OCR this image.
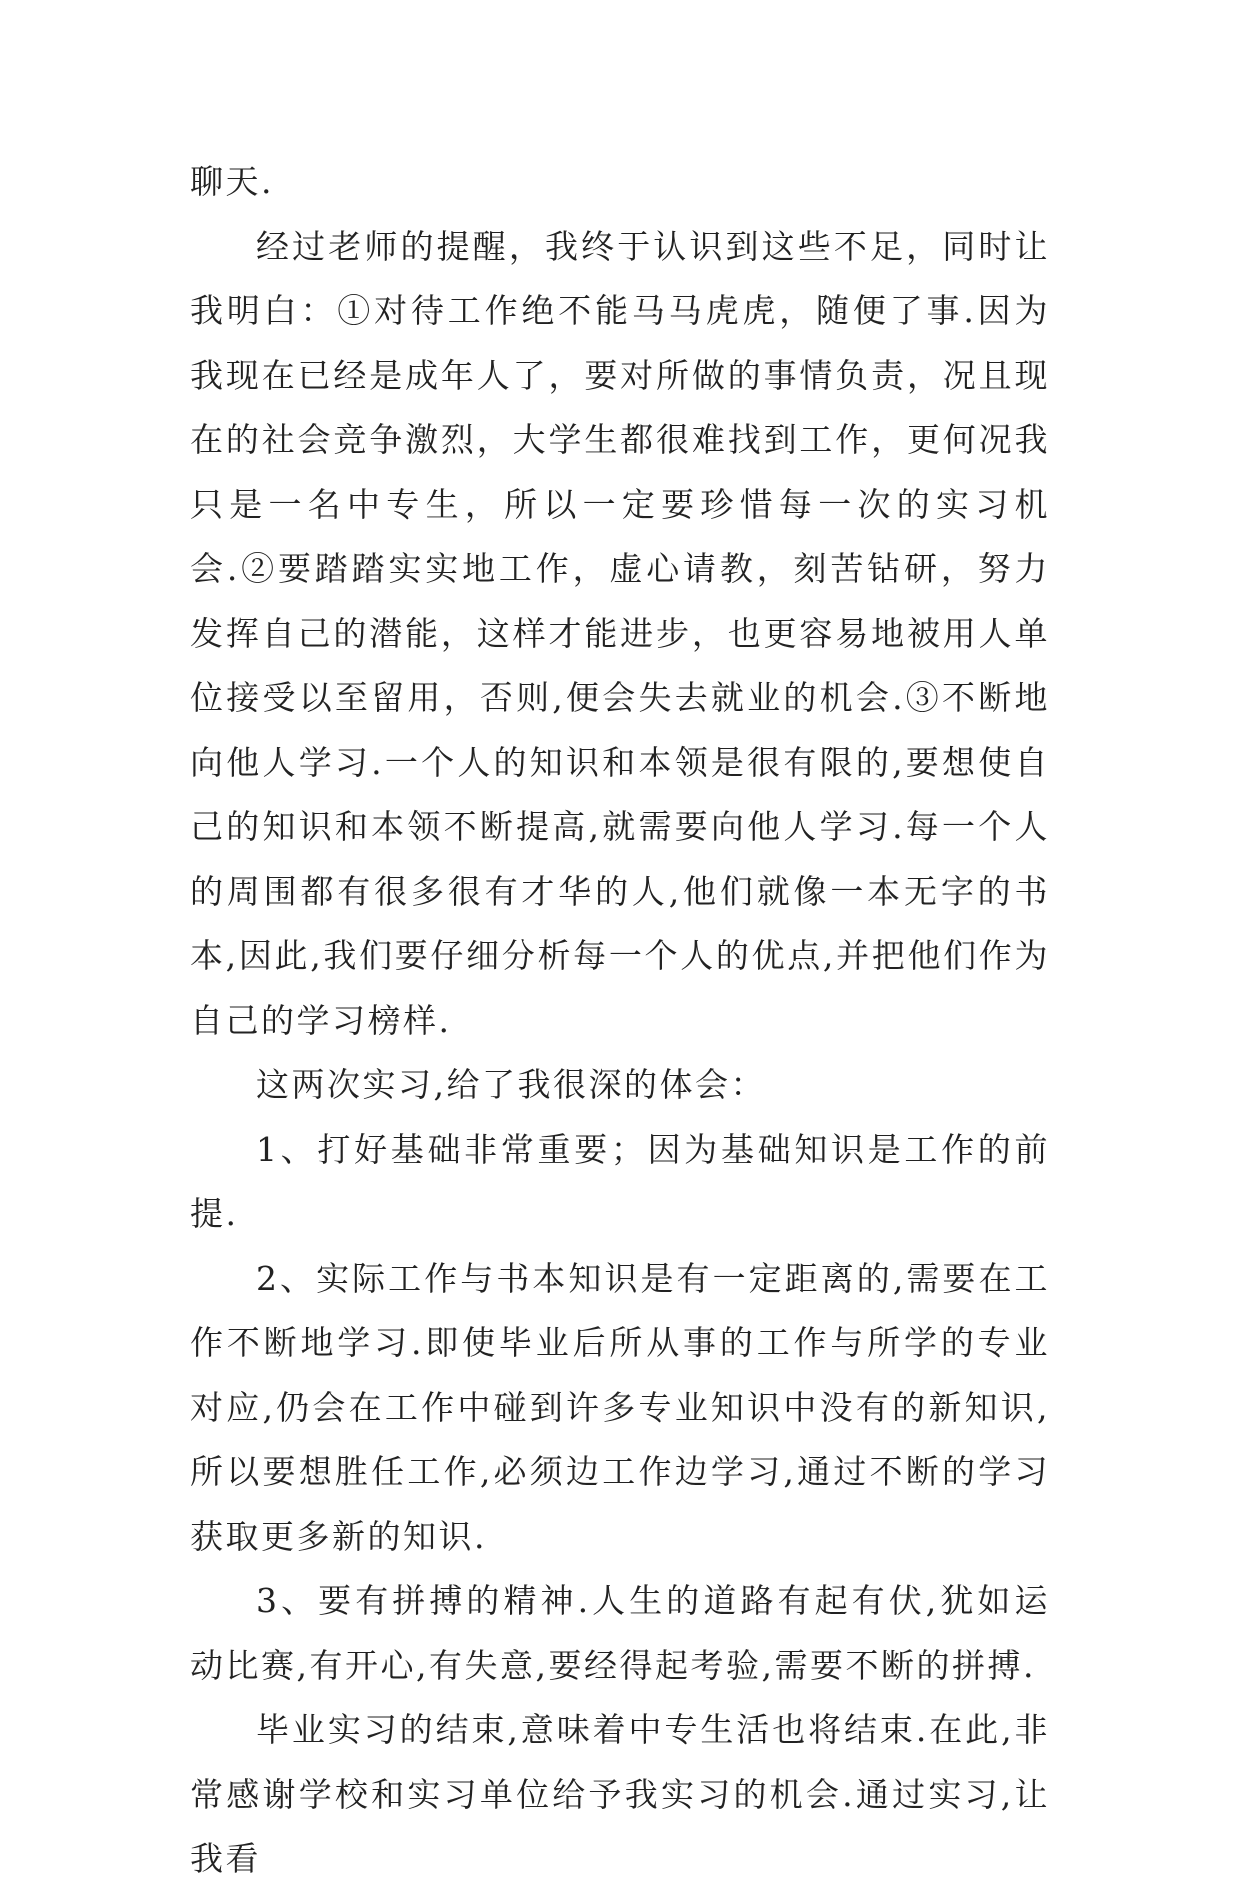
聊天.

经过老师的提醒，我终于认识到这些不足，同时让我明白：①对待工作绝不能马马虎虎，随便了事.因为我现在已经是成年人了，要对所做的事情负责，况且现在的社会竞争激烈，大学生都很难找到工作，更何况我只是一名中专生，所以一定要珍惜每一次的实习机会.②要踏踏实实地工作，虚心请教，刻苦钻研，努力发挥自己的潜能，这样才能进步，也更容易地被用人单位接受以至留用，否则,便会失去就业的机会.③不断地向他人学习.一个人的知识和本领是很有限的,要想使自己的知识和本领不断提高,就需要向他人学习.每一个人的周围都有很多很有才华的人,他们就像一本无字的书本,因此,我们要仔细分析每一个人的优点,并把他们作为自己的学习榜样.

这两次实习,给了我很深的体会：

1、打好基础非常重要；因为基础知识是工作的前提.

2、实际工作与书本知识是有一定距离的,需要在工作不断地学习.即使毕业后所从事的工作与所学的专业对应,仍会在工作中碰到许多专业知识中没有的新知识,所以要想胜任工作,必须边工作边学习,通过不断的学习获取更多新的知识.

3、要有拼搏的精神.人生的道路有起有伏,犹如运动比赛,有开心,有失意,要经得起考验,需要不断的拼搏.

毕业实习的结束,意味着中专生活也将结束.在此,非常感谢学校和实习单位给予我实习的机会.通过实习,让我看
